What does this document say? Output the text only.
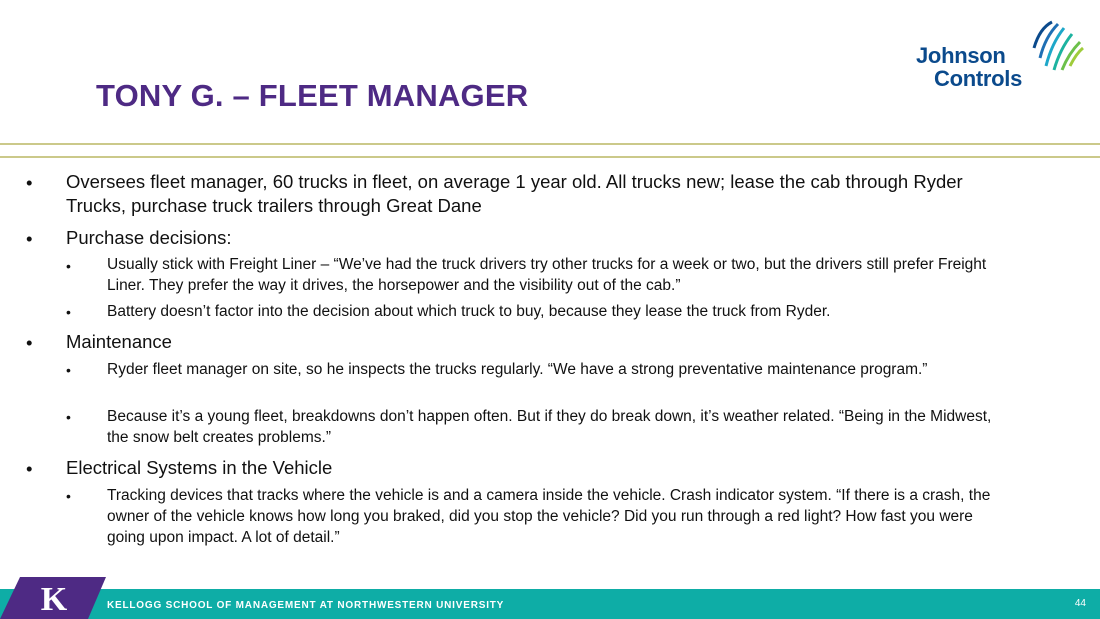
TONY G. – FLEET MANAGER
Johnson
Controls
• Oversees fleet manager, 60 trucks in fleet, on average 1 year old. All trucks new; lease the cab through Ryder Trucks, purchase truck trailers through Great Dane
• Purchase decisions:
• Usually stick with Freight Liner – “We’ve had the truck drivers try other trucks for a week or two, but the drivers still prefer Freight Liner. They prefer the way it drives, the horsepower and the visibility out of the cab.”
• Battery doesn’t factor into the decision about which truck to buy, because they lease the truck from Ryder.
• Maintenance
• Ryder fleet manager on site, so he inspects the trucks regularly. “We have a strong preventative maintenance program.”
• Because it’s a young fleet, breakdowns don’t happen often. But if they do break down, it’s weather related. “Being in the Midwest, the snow belt creates problems.”
• Electrical Systems in the Vehicle
• Tracking devices that tracks where the vehicle is and a camera inside the vehicle. Crash indicator system. “If there is a crash, the owner of the vehicle knows how long you braked, did you stop the vehicle? Did you run through a red light? How fast you were going upon impact. A lot of detail.”
KELLOGG SCHOOL OF MANAGEMENT AT NORTHWESTERN UNIVERSITY	44
K
